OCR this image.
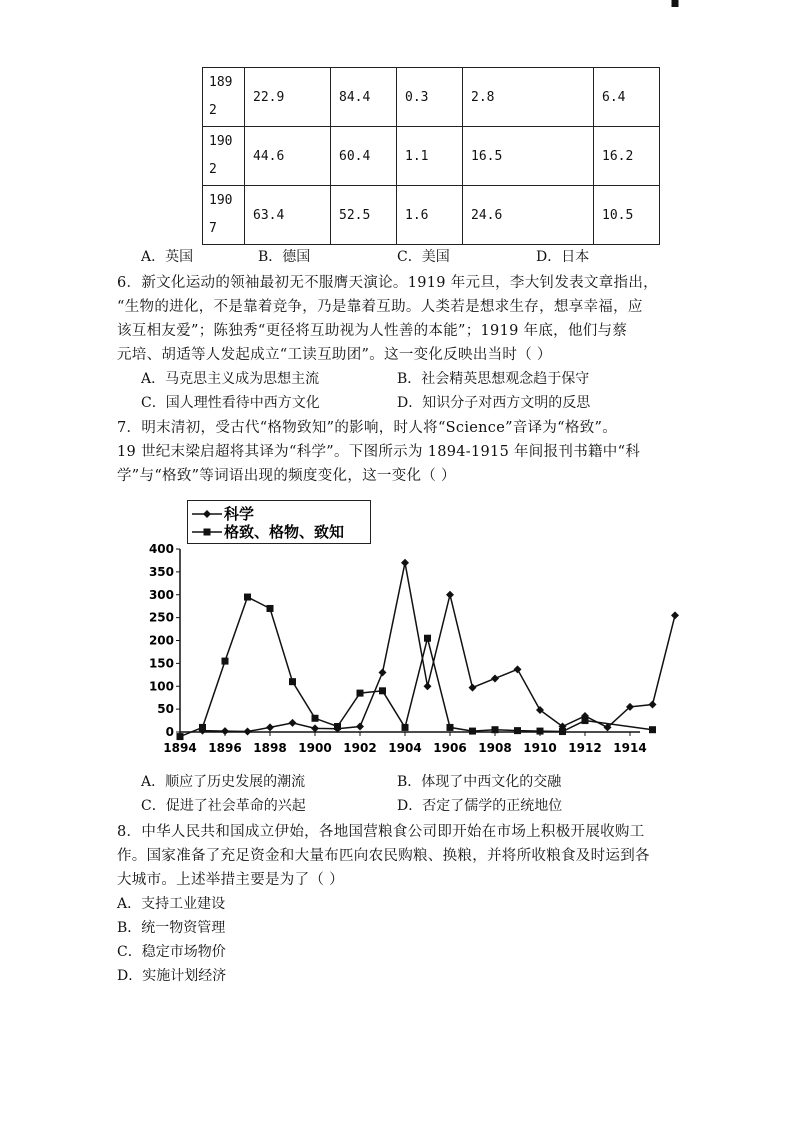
189
2	22.9	84.4	0.3	2.8	6.4

190
2	44.6	60.4	1.1	16.5	16.2

190
7	63.4	52.5	1.6	24.6	10.5
A．英国	B．德国	C．美国	D．日本
6．新文化运动的领袖最初无不服膺天演论。1919 年元旦，李大钊发表文章指出，
“生物的进化，不是靠着竞争，乃是靠着互助。人类若是想求生存，想享幸福，应
该互相友爱”；陈独秀“更径将互助视为人性善的本能”；1919 年底，他们与蔡
元培、胡适等人发起成立“工读互助团”。这一变化反映出当时（ ）
A．马克思主义成为思想主流	B．社会精英思想观念趋于保守
C．国人理性看待中西方文化	D．知识分子对西方文明的反思
7．明末清初，受古代“格物致知”的影响，时人将“Science”音译为“格致”。
19 世纪末梁启超将其译为“科学”。下图所示为 1894-1915 年间报刊书籍中“科
学”与“格致”等词语出现的频度变化，这一变化（ ）
400
350
300
250
200
150
100
50
0
1894 1896 1898 1900 1902 1904 1906 1908 1910 1912 1914
科学
格致、格物、致知
A．顺应了历史发展的潮流	B．体现了中西文化的交融
C．促进了社会革命的兴起	D．否定了儒学的正统地位
8．中华人民共和国成立伊始，各地国营粮食公司即开始在市场上积极开展收购工
作。国家准备了充足资金和大量布匹向农民购粮、换粮，并将所收粮食及时运到各
大城市。上述举措主要是为了（ ）
A．支持工业建设
B．统一物资管理
C．稳定市场物价
D．实施计划经济
